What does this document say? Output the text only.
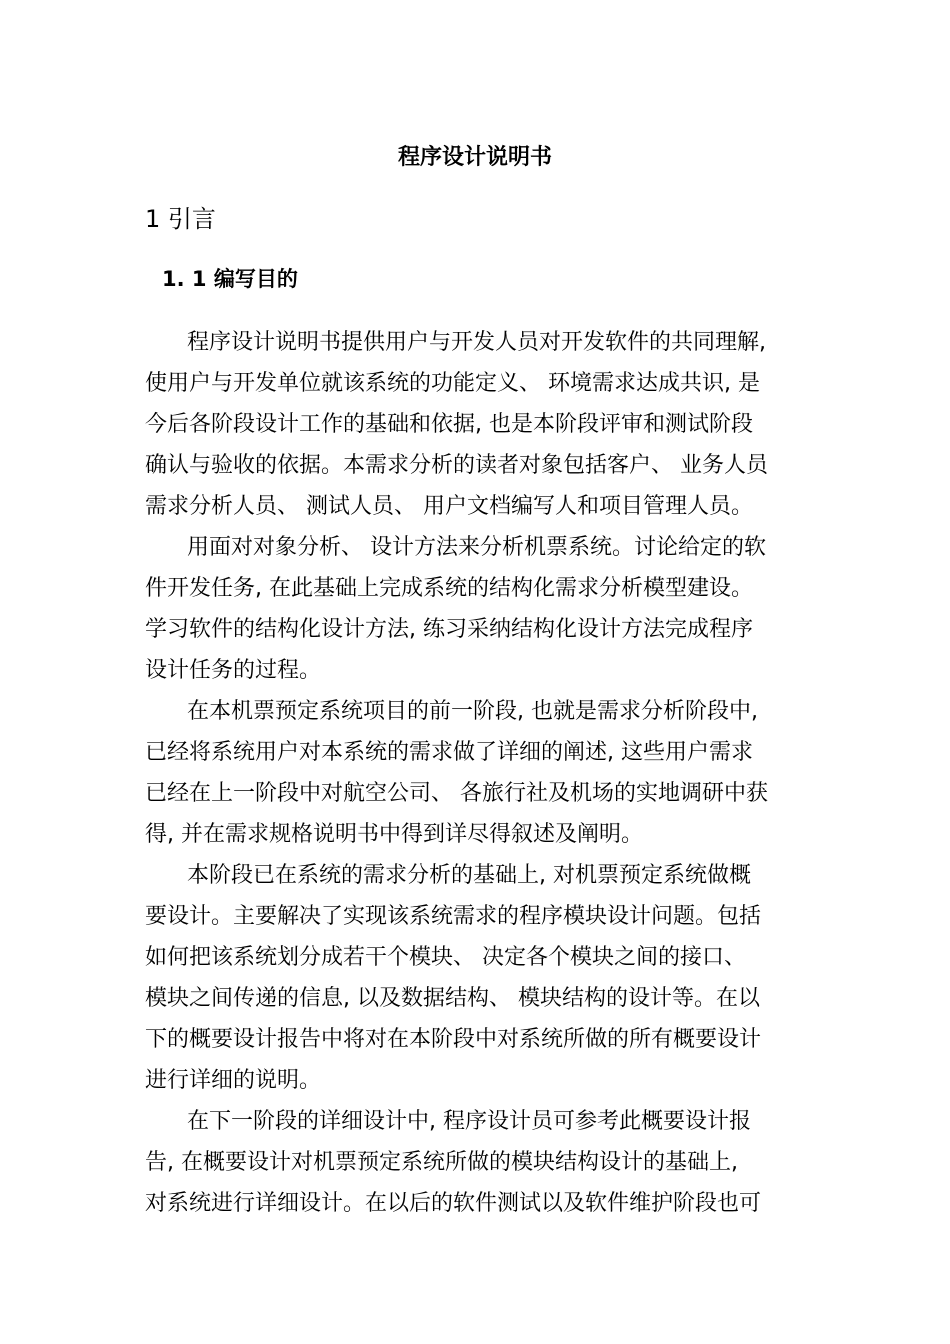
程序设计说明书
1 引言
1. 1 编写目的
程序设计说明书提供用户与开发人员对开发软件的共同理解,
使用户与开发单位就该系统的功能定义、 环境需求达成共识, 是
今后各阶段设计工作的基础和依据, 也是本阶段评审和测试阶段
确认与验收的依据。本需求分析的读者对象包括客户、 业务人员
需求分析人员、 测试人员、 用户文档编写人和项目管理人员。
用面对对象分析、 设计方法来分析机票系统。讨论给定的软
件开发任务, 在此基础上完成系统的结构化需求分析模型建设。
学习软件的结构化设计方法, 练习采纳结构化设计方法完成程序
设计任务的过程。
在本机票预定系统项目的前一阶段, 也就是需求分析阶段中,
已经将系统用户对本系统的需求做了详细的阐述, 这些用户需求
已经在上一阶段中对航空公司、 各旅行社及机场的实地调研中获
得, 并在需求规格说明书中得到详尽得叙述及阐明。
本阶段已在系统的需求分析的基础上, 对机票预定系统做概
要设计。主要解决了实现该系统需求的程序模块设计问题。包括
如何把该系统划分成若干个模块、 决定各个模块之间的接口、
模块之间传递的信息, 以及数据结构、 模块结构的设计等。在以
下的概要设计报告中将对在本阶段中对系统所做的所有概要设计
进行详细的说明。
在下一阶段的详细设计中, 程序设计员可参考此概要设计报
告, 在概要设计对机票预定系统所做的模块结构设计的基础上,
对系统进行详细设计。在以后的软件测试以及软件维护阶段也可
